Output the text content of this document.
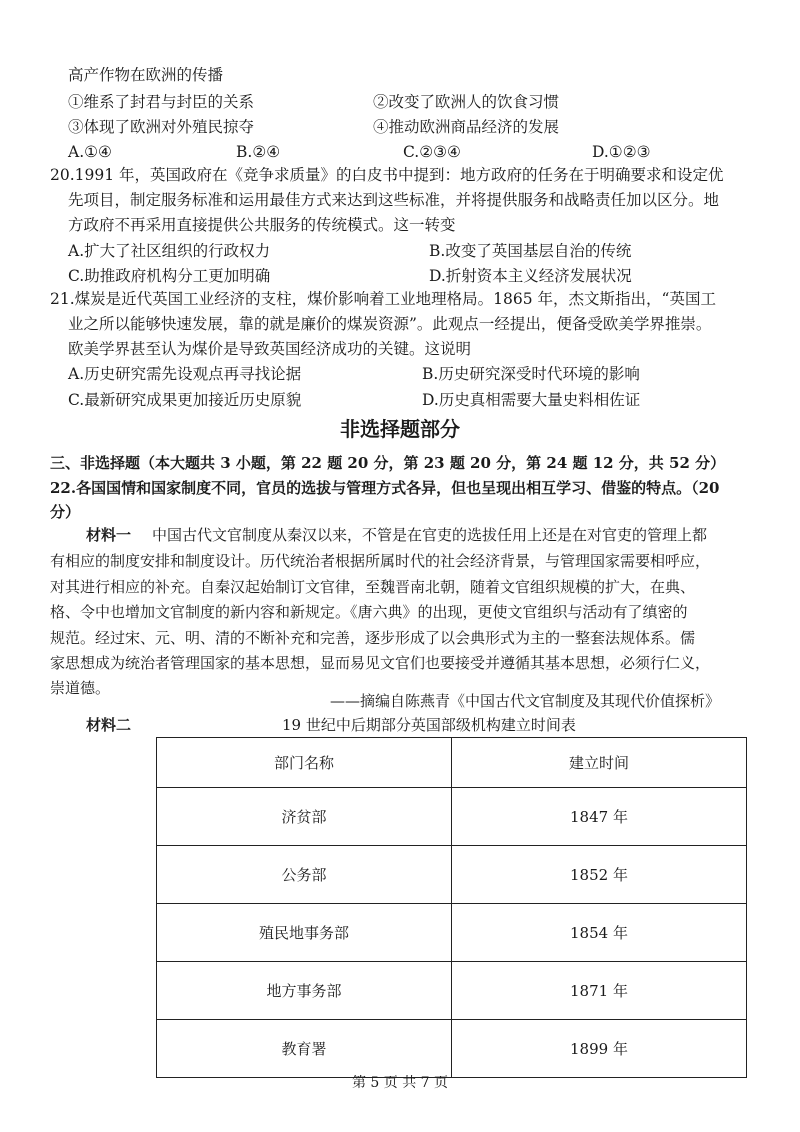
高产作物在欧洲的传播
①维系了封君与封臣的关系	②改变了欧洲人的饮食习惯
③体现了欧洲对外殖民掠夺	④推动欧洲商品经济的发展
A.①④	B.②④	C.②③④	D.①②③
20.1991 年，英国政府在《竞争求质量》的白皮书中提到：地方政府的任务在于明确要求和设定优
先项目，制定服务标准和运用最佳方式来达到这些标准，并将提供服务和战略责任加以区分。地
方政府不再采用直接提供公共服务的传统模式。这一转变
A.扩大了社区组织的行政权力	B.改变了英国基层自治的传统
C.助推政府机构分工更加明确	D.折射资本主义经济发展状况
21.煤炭是近代英国工业经济的支柱，煤价影响着工业地理格局。1865 年，杰文斯指出，“英国工
业之所以能够快速发展，靠的就是廉价的煤炭资源”。此观点一经提出，便备受欧美学界推崇。
欧美学界甚至认为煤价是导致英国经济成功的关键。这说明
A.历史研究需先设观点再寻找论据	B.历史研究深受时代环境的影响
C.最新研究成果更加接近历史原貌	D.历史真相需要大量史料相佐证
非选择题部分
三、非选择题（本大题共 3 小题，第 22 题 20 分，第 23 题 20 分，第 24 题 12 分，共 52 分）
22.各国国情和国家制度不同，官员的选拔与管理方式各异，但也呈现出相互学习、借鉴的特点。（20
分）
材料一 中国古代文官制度从秦汉以来，不管是在官吏的选拔任用上还是在对官吏的管理上都
有相应的制度安排和制度设计。历代统治者根据所属时代的社会经济背景，与管理国家需要相呼应，
对其进行相应的补充。自秦汉起始制订文官律，至魏晋南北朝，随着文官组织规模的扩大，在典、
格、令中也增加文官制度的新内容和新规定。《唐六典》的出现，更使文官组织与活动有了缜密的
规范。经过宋、元、明、清的不断补充和完善，逐步形成了以会典形式为主的一整套法规体系。儒
家思想成为统治者管理国家的基本思想，显而易见文官们也要接受并遵循其基本思想，必须行仁义，
崇道德。
——摘编自陈燕青《中国古代文官制度及其现代价值探析》
材料二	19 世纪中后期部分英国部级机构建立时间表
部门名称	建立时间
济贫部	1847 年
公务部	1852 年
殖民地事务部	1854 年
地方事务部	1871 年
教育署	1899 年
第 5 页 共 7 页
